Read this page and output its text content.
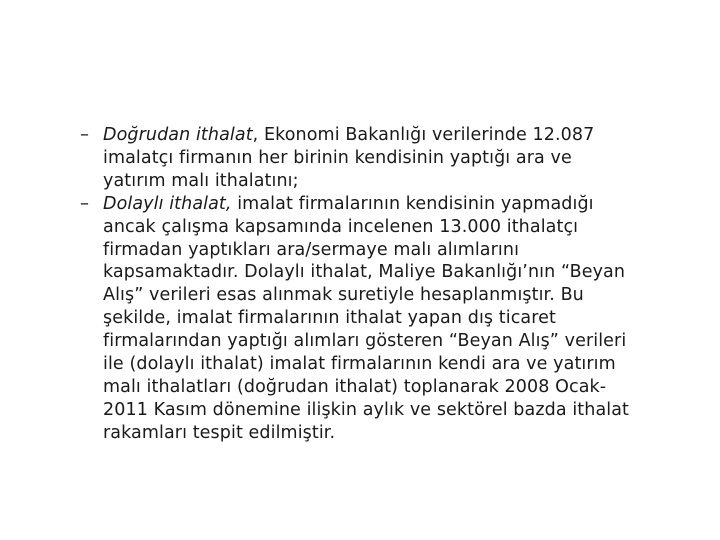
– Doğrudan ithalat, Ekonomi Bakanlığı verilerinde 12.087
imalatçı firmanın her birinin kendisinin yaptığı ara ve
yatırım malı ithalatını;
– Dolaylı ithalat, imalat firmalarının kendisinin yapmadığı
ancak çalışma kapsamında incelenen 13.000 ithalatçı
firmadan yaptıkları ara/sermaye malı alımlarını
kapsamaktadır. Dolaylı ithalat, Maliye Bakanlığı’nın “Beyan
Alış” verileri esas alınmak suretiyle hesaplanmıştır. Bu
şekilde, imalat firmalarının ithalat yapan dış ticaret
firmalarından yaptığı alımları gösteren “Beyan Alış” verileri
ile (dolaylı ithalat) imalat firmalarının kendi ara ve yatırım
malı ithalatları (doğrudan ithalat) toplanarak 2008 Ocak-
2011 Kasım dönemine ilişkin aylık ve sektörel bazda ithalat
rakamları tespit edilmiştir.
